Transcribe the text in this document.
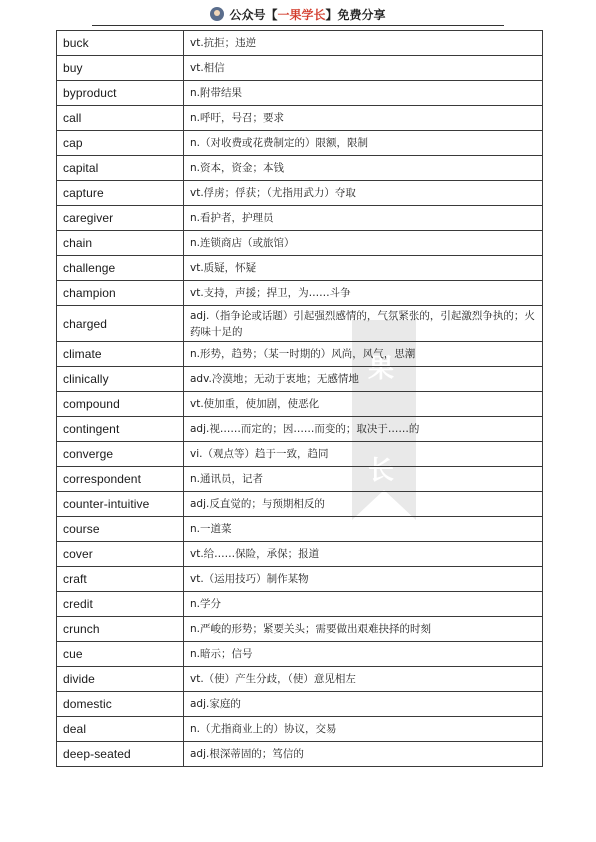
公众号 【 一果学长 】 免费分享
果
长
buck	vt.抗拒；违逆
buy	vt.相信
byproduct	n.附带结果
call	n.呼吁，号召；要求
cap	n.（对收费或花费制定的）限额，限制
capital	n.资本，资金；本钱
capture	vt.俘虏；俘获；（尤指用武力）夺取
caregiver	n.看护者，护理员
chain	n.连锁商店（或旅馆）
challenge	vt.质疑，怀疑
champion	vt.支持，声援；捍卫，为……斗争
charged	adj.（指争论或话题）引起强烈感情的，气氛紧张的，引起激烈争执的；火药味十足的
climate	n.形势，趋势；（某一时期的）风尚，风气，思潮
clinically	adv.冷漠地；无动于衷地；无感情地
compound	vt.使加重，使加剧，使恶化
contingent	adj.视……而定的；因……而变的；取决于……的
converge	vi.（观点等）趋于一致，趋同
correspondent	n.通讯员，记者
counter-intuitive	adj.反直觉的；与预期相反的
course	n.一道菜
cover	vt.给……保险，承保；报道
craft	vt.（运用技巧）制作某物
credit	n.学分
crunch	n.严峻的形势；紧要关头；需要做出艰难抉择的时刻
cue	n.暗示；信号
divide	vt.（使）产生分歧，（使）意见相左
domestic	adj.家庭的
deal	n.（尤指商业上的）协议，交易
deep-seated	adj.根深蒂固的；笃信的
